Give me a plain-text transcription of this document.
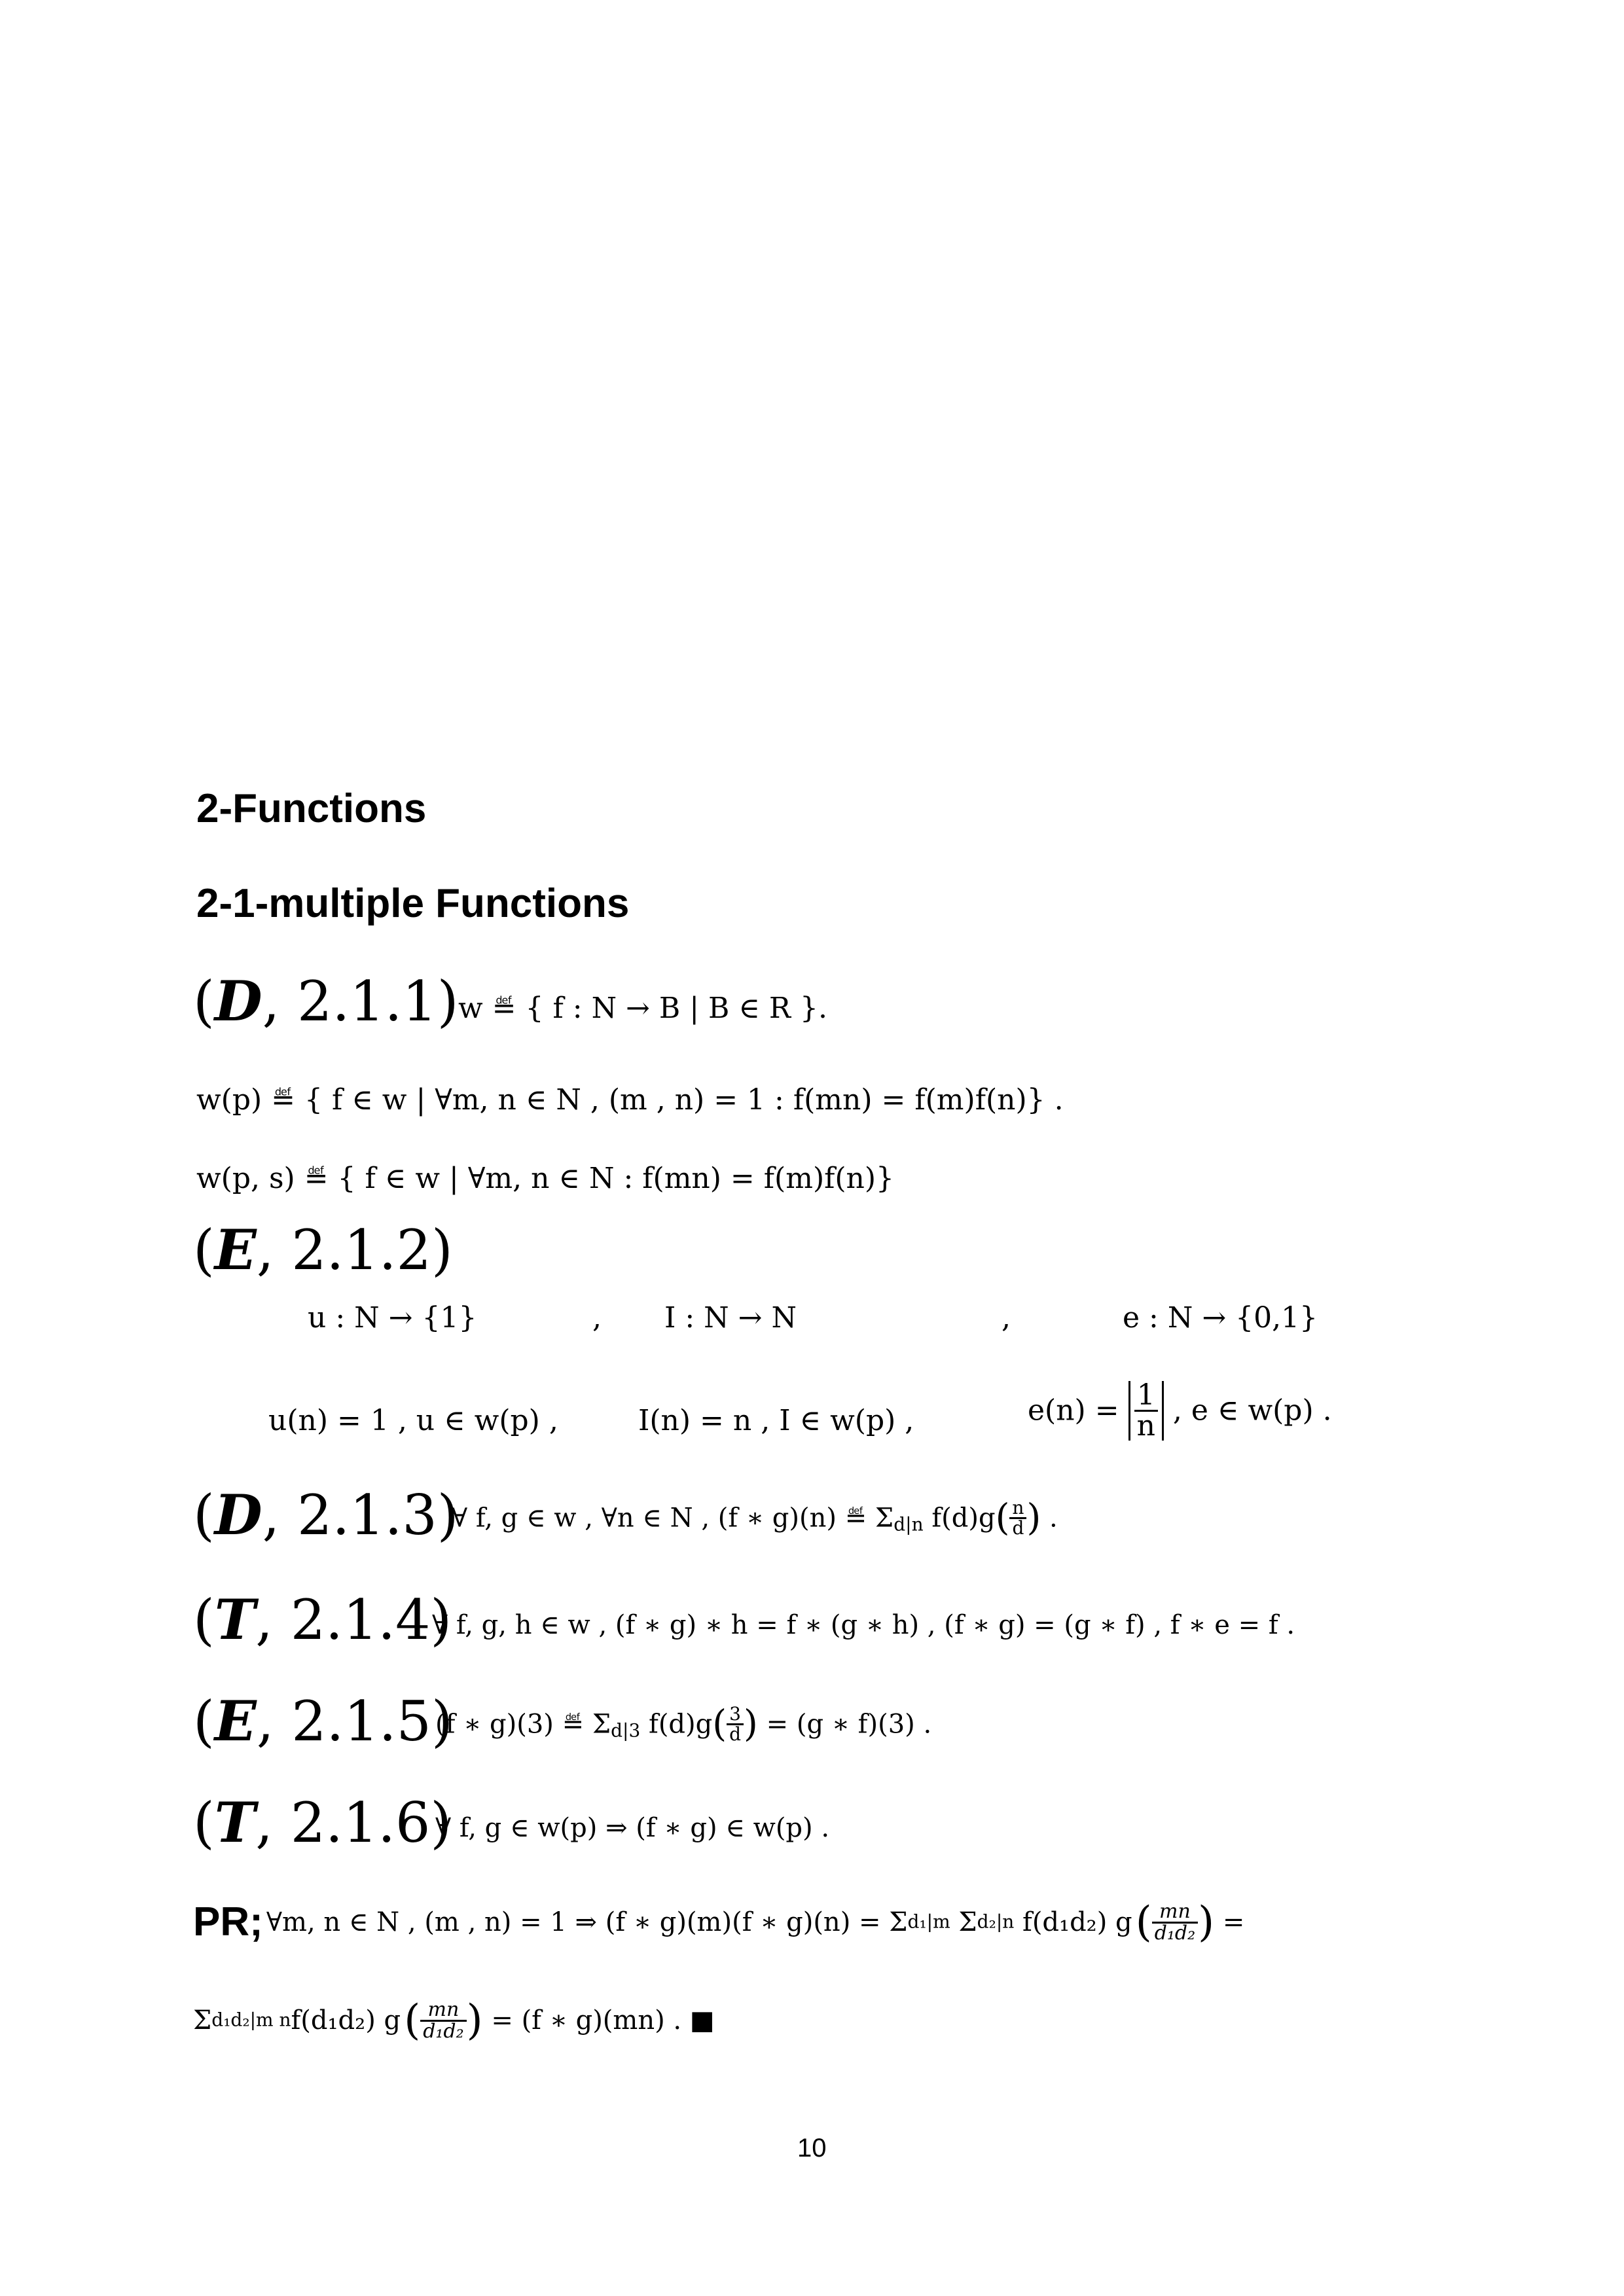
2-Functions
2-1-multiple Functions
(D, 2.1.1) w ≝ { f : N → B | B ∈ R }.
w(p) ≝ { f ∈ w | ∀m, n ∈ N , (m , n) = 1 : f(mn) = f(m)f(n)} .
w(p, s) ≝ { f ∈ w | ∀m, n ∈ N : f(mn) = f(m)f(n)}
(E, 2.1.2)
u : N → {1}	, I : N → N	,	e : N → {0,1}
u(n) = 1 , u ∈ w(p) ,	I(n) = n , I ∈ w(p) ,	$e(n) = \frac{1}{n}$ , e ∈ w(p) .
(D, 2.1.3)
∀ f, g ∈ w , ∀n ∈ N , (f ∗ g)(n) ≝ $\Sigma_{d|n}$ $f(d)g( \frac{n}{d}$ ) .
(T, 2.1.4)
∀ f, g, h ∈ w , (f ∗ g) ∗ h = f ∗ (g ∗ h) , (f ∗ g) = (g ∗ f) , f ∗ e = f .
(E, 2.1.5)
(f ∗ g)(3) ≝ $\Sigma_{d|3}$ $f(d)g( \frac{3}{d}$ ) = (g ∗ f)(3) .
(T, 2.1.6)
∀ f, g ∈ w(p) ⇒ (f ∗ g) ∈ w(p) .
PR; ∀m, n ∈ N , (m , n) = 1 ⇒ (f ∗ g)(m)(f ∗ $g)(n) = \Sigma_{d_1|m}$ $\Sigma_{d_2|n}$ f(d₁d₂) g ( $\frac{mn}{\text{d₁d₂}}$ ) =
$\Sigma_{d_1d_2|m n}f(d_1d_2)$ g ( $\frac{mn}{\text{d₁d₂}}$ ) = (f ∗ g)(mn) . ■
10
